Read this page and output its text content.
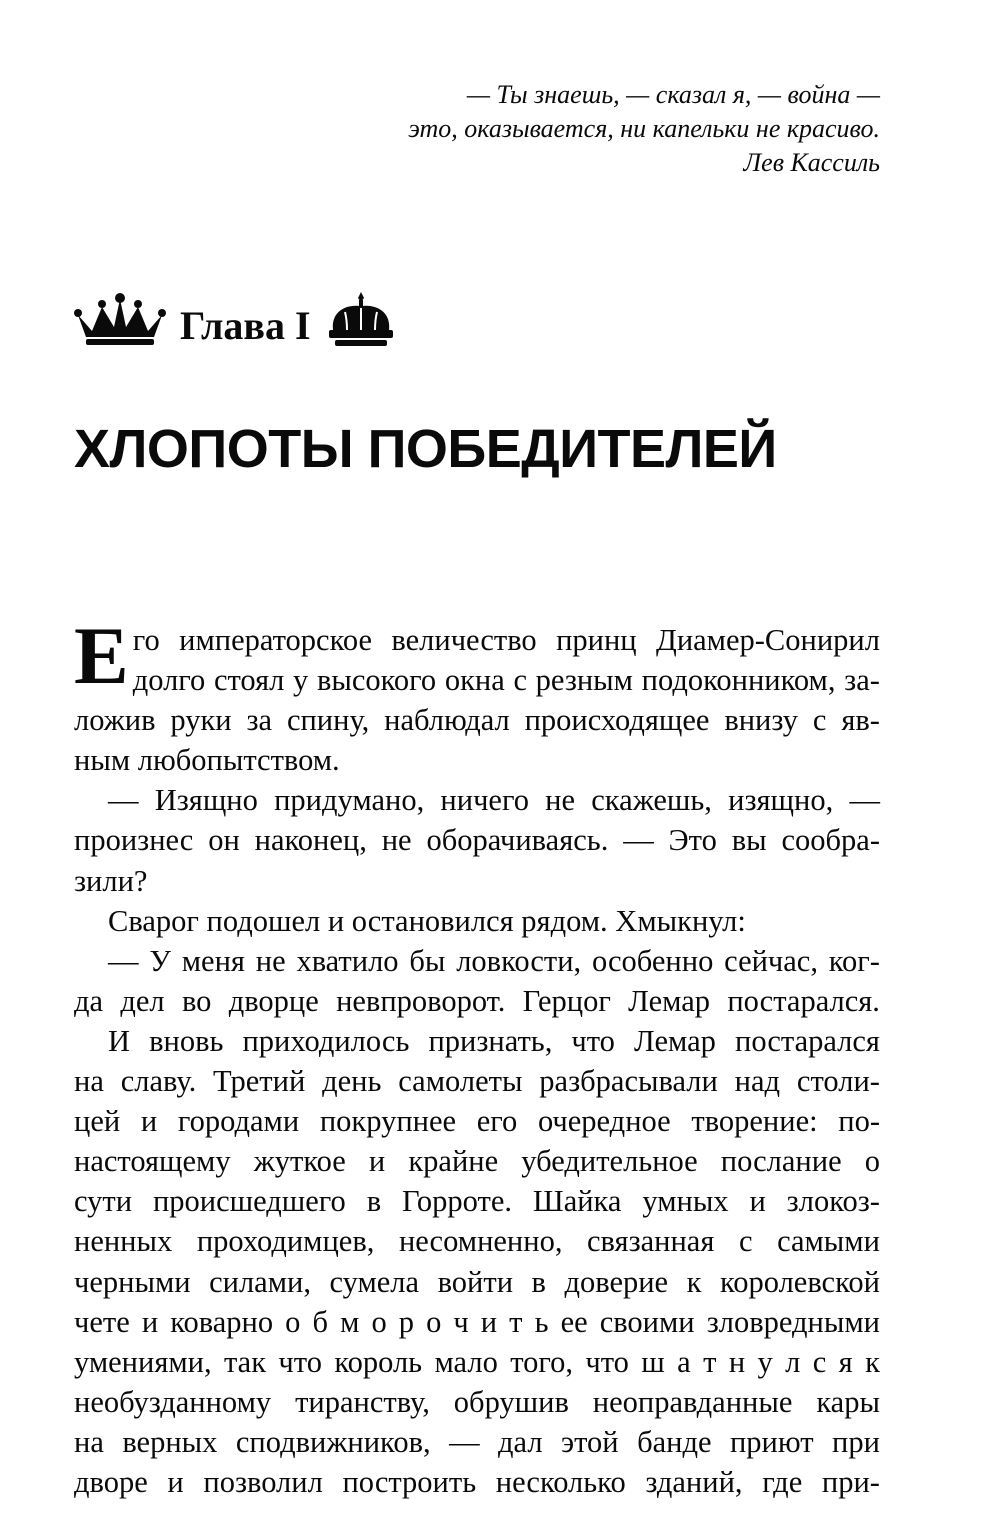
— Ты знаешь, — сказал я, — война —
это, оказывается, ни капельки не красиво.
Лев Кассиль
Глава I
ХЛОПОТЫ ПОБЕДИТЕЛЕЙ
Е го императорское величество принц Диамер-Сонирил
долго стоял у высокого окна с резным подоконником, за-
ложив руки за спину, наблюдал происходящее внизу с яв-
ным любопытством.
— Изящно придумано, ничего не скажешь, изящно, —
произнес он наконец, не оборачиваясь. — Это вы сообра-
зили?
Сварог подошел и остановился рядом. Хмыкнул:
— У меня не хватило бы ловкости, особенно сейчас, ког-
да дел во дворце невпроворот. Герцог Лемар постарался.
И вновь приходилось признать, что Лемар постарался
на славу. Третий день самолеты разбрасывали над столи-
цей и городами покрупнее его очередное творение: по-
настоящему жуткое и крайне убедительное послание о
сути происшедшего в Горроте. Шайка умных и злокоз-
ненных проходимцев, несомненно, связанная с самыми
черными силами, сумела войти в доверие к королевской
чете и коварно о б м о р о ч и т ь ее своими зловредными
умениями, так что король мало того, что ш а т н у л с я к
необузданному тиранству, обрушив неоправданные кары
на верных сподвижников, — дал этой банде приют при
дворе и позволил построить несколько зданий, где при-
